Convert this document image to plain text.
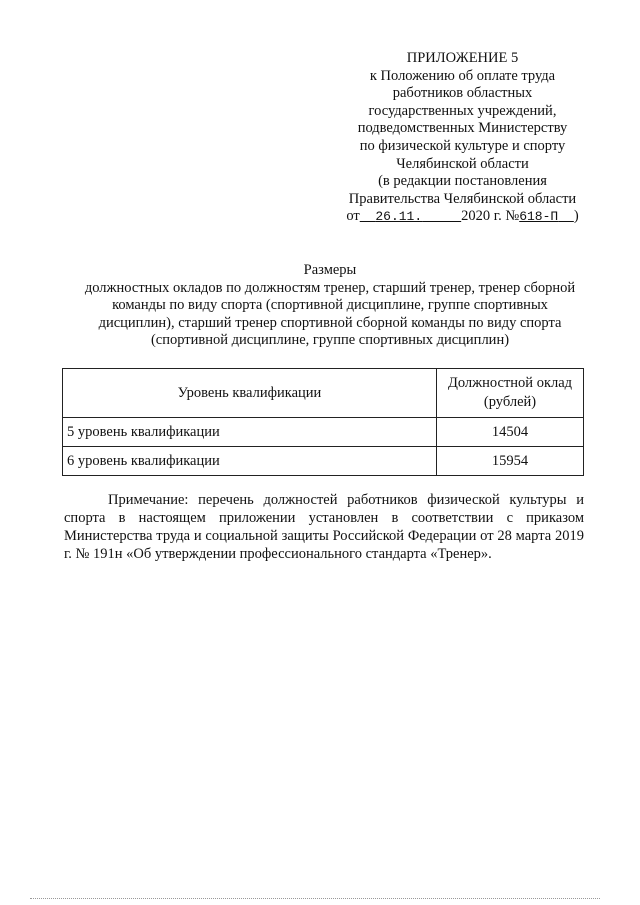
ПРИЛОЖЕНИЕ 5
к Положению об оплате труда
работников областных
государственных учреждений,
подведомственных Министерству
по физической культуре и спорту
Челябинской области
(в редакции постановления
Правительства Челябинской области
от 26.11.	2020 г. №618-П )
Размеры
должностных окладов по должностям тренер, старший тренер, тренер сборной
команды по виду спорта (спортивной дисциплине, группе спортивных
дисциплин), старший тренер спортивной сборной команды по виду спорта
(спортивной дисциплине, группе спортивных дисциплин)
Уровень квалификации	Должностной оклад
(рублей)
5 уровень квалификации	14504
6 уровень квалификации	15954

Примечание: перечень должностей работников физической культуры и спорта в настоящем приложении установлен в соответствии с приказом Министерства труда и социальной защиты Российской Федерации от 28 марта 2019 г. № 191н «Об утверждении профессионального стандарта «Тренер».
